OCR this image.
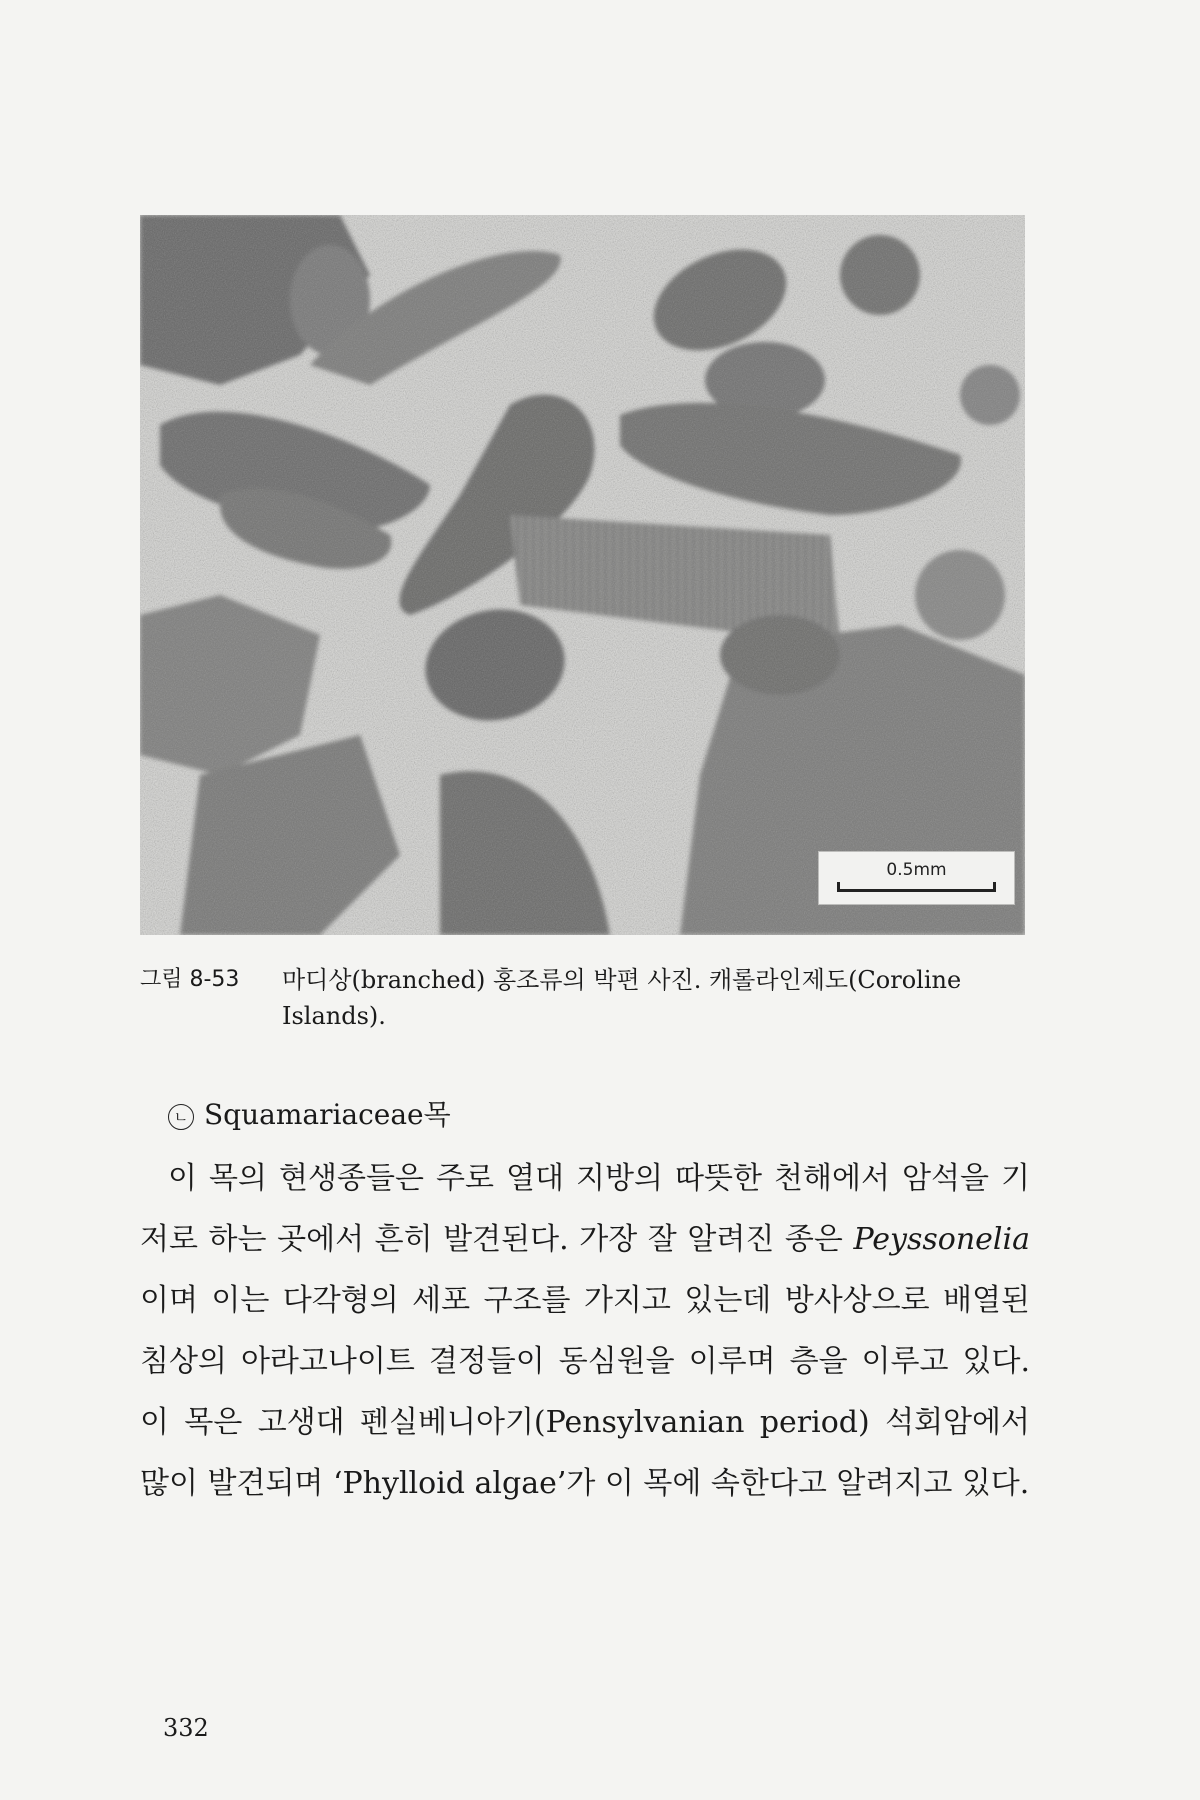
0.5mm
그림 8-53 마디상(branched) 홍조류의 박편 사진. 캐롤라인제도(Coroline Islands).
ㄴ Squamariaceae목

이 목의 현생종들은 주로 열대 지방의 따뜻한 천해에서 암석을 기저로 하는 곳에서 흔히 발견된다. 가장 잘 알려진 종은 Peyssonelia이며 이는 다각형의 세포 구조를 가지고 있는데 방사상으로 배열된 침상의 아라고나이트 결정들이 동심원을 이루며 층을 이루고 있다. 이 목은 고생대 펜실베니아기(Pensylvanian period) 석회암에서 많이 발견되며 ‘Phylloid algae’가 이 목에 속한다고 알려지고 있다.

332
